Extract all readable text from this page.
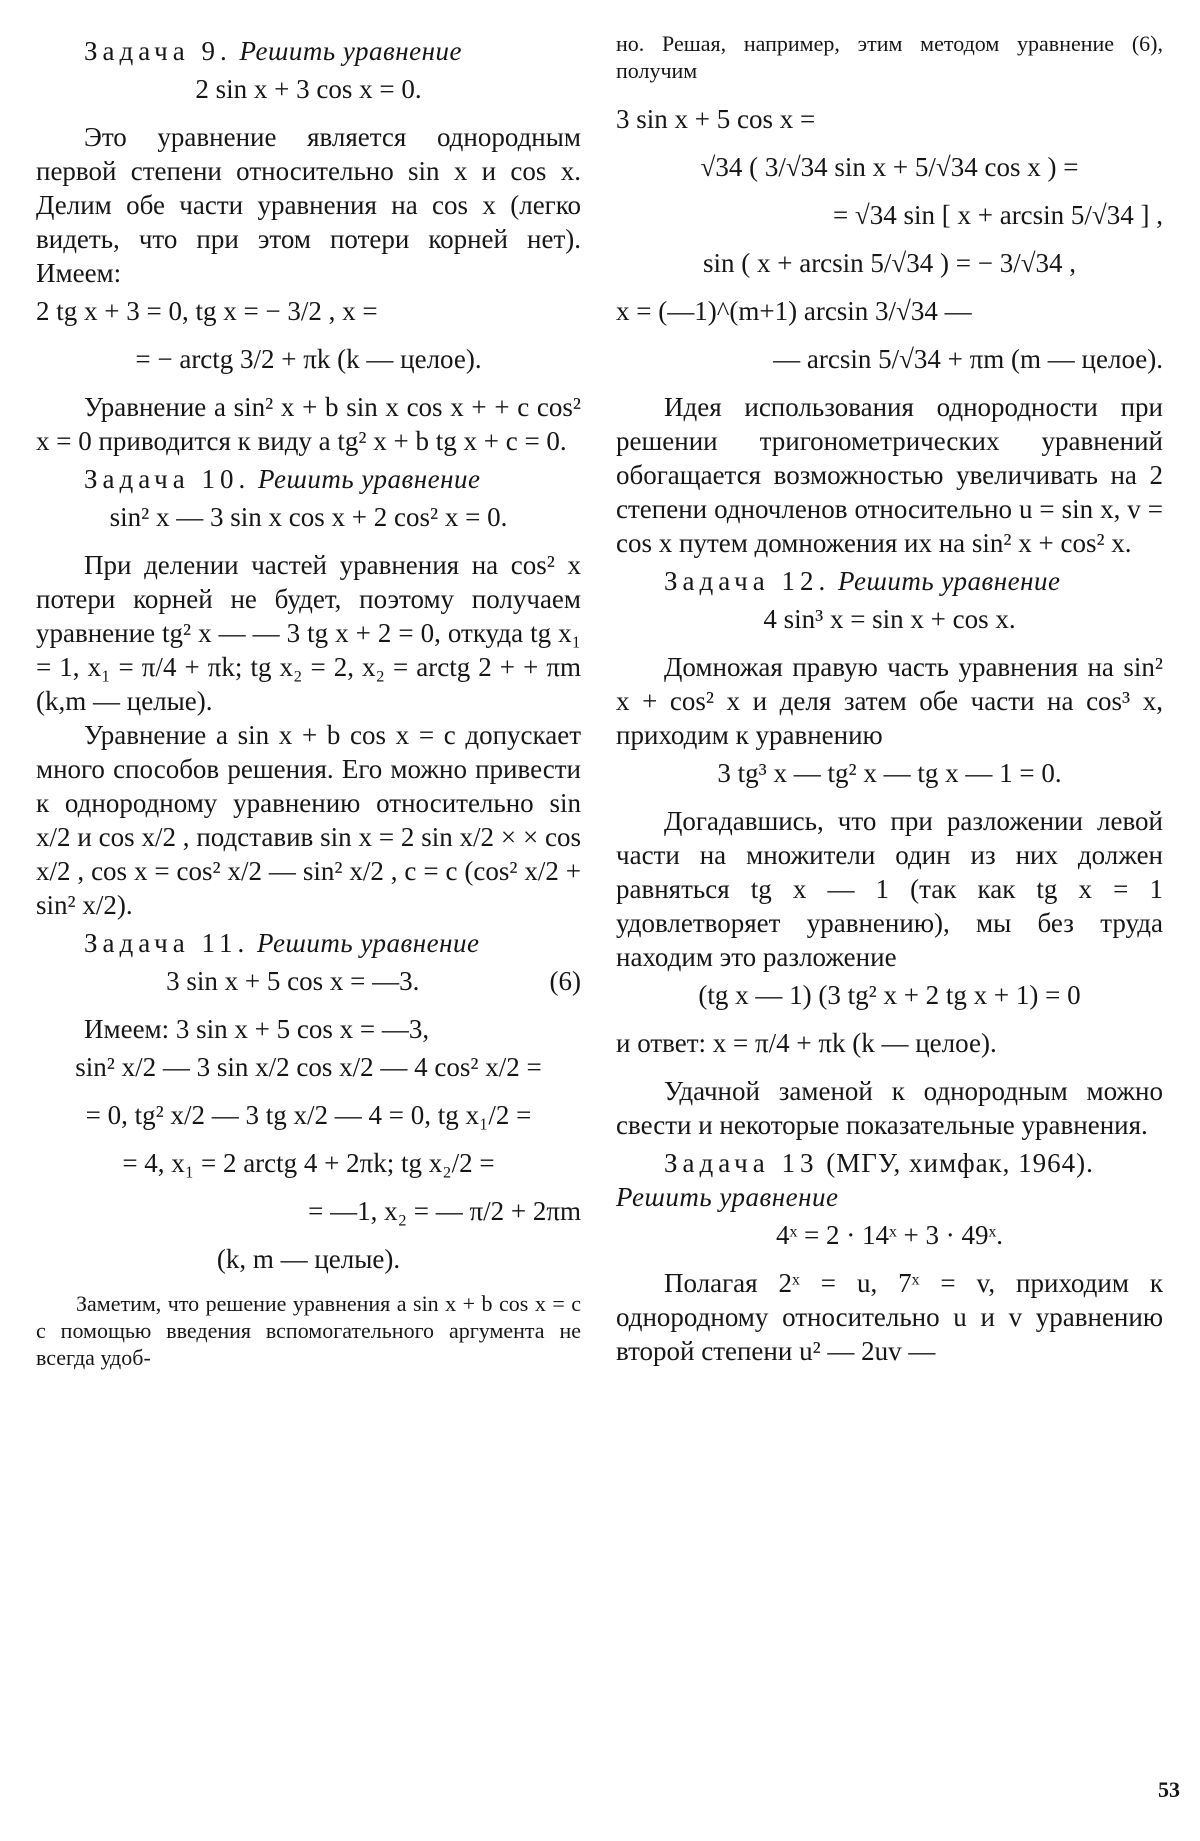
Задача 9. Решить уравнение

2 sin x + 3 cos x = 0.

Это уравнение является однородным первой степени относительно sin x и cos x. Делим обе части уравнения на cos x (легко видеть, что при этом потери корней нет). Имеем:

2 tg x + 3 = 0, tg x = − 3/2 , x =

= − arctg 3/2 + πk (k — целое).

Уравнение a sin² x + b sin x cos x + + c cos² x = 0 приводится к виду a tg² x + b tg x + c = 0.

Задача 10. Решить уравнение

sin² x — 3 sin x cos x + 2 cos² x = 0.

При делении частей уравнения на cos² x потери корней не будет, поэтому получаем уравнение tg² x — — 3 tg x + 2 = 0, откуда tg x₁ = 1, x₁ = π/4 + πk; tg x₂ = 2, x₂ = arctg 2 + + πm (k,m — целые).

Уравнение a sin x + b cos x = c допускает много способов решения. Его можно привести к однородному уравнению относительно sin x/2 и cos x/2 , подставив sin x = 2 sin x/2 × × cos x/2 , cos x = cos² x/2 — sin² x/2 , c = c (cos² x/2 + sin² x/2).

Задача 11. Решить уравнение

3 sin x + 5 cos x = —3.	(6)

Имеем: 3 sin x + 5 cos x = —3,

sin² x/2 — 3 sin x/2 cos x/2 — 4 cos² x/2 =

= 0, tg² x/2 — 3 tg x/2 — 4 = 0, tg x₁/2 =

= 4, x₁ = 2 arctg 4 + 2πk; tg x₂/2 =

= —1, x₂ = — π/2 + 2πm

(k, m — целые).

Заметим, что решение уравнения a sin x + b cos x = c с помощью введения вспомогательного аргумента не всегда удоб-

но. Решая, например, этим методом уравнение (6), получим

3 sin x + 5 cos x =

√34 ( 3/√34 sin x + 5/√34 cos x ) =

= √34 sin [ x + arcsin 5/√34 ] ,

sin ( x + arcsin 5/√34 ) = − 3/√34 ,

x = (—1)^(m+1) arcsin 3/√34 —

— arcsin 5/√34 + πm (m — целое).

Идея использования однородности при решении тригонометрических уравнений обогащается возможностью увеличивать на 2 степени одночленов относительно u = sin x, v = cos x путем домножения их на sin² x + cos² x.

Задача 12. Решить уравнение

4 sin³ x = sin x + cos x.

Домножая правую часть уравнения на sin² x + cos² x и деля затем обе части на cos³ x, приходим к уравнению

3 tg³ x — tg² x — tg x — 1 = 0.

Догадавшись, что при разложении левой части на множители один из них должен равняться tg x — 1 (так как tg x = 1 удовлетворяет уравнению), мы без труда находим это разложение

(tg x — 1) (3 tg² x + 2 tg x + 1) = 0

и ответ: x = π/4 + πk (k — целое).

Удачной заменой к однородным можно свести и некоторые показательные уравнения.

Задача 13 (МГУ, химфак, 1964). Решить уравнение

4ˣ = 2 · 14ˣ + 3 · 49ˣ.

Полагая 2ˣ = u, 7ˣ = v, приходим к однородному относительно u и v уравнению второй степени u² — 2uv —

53
